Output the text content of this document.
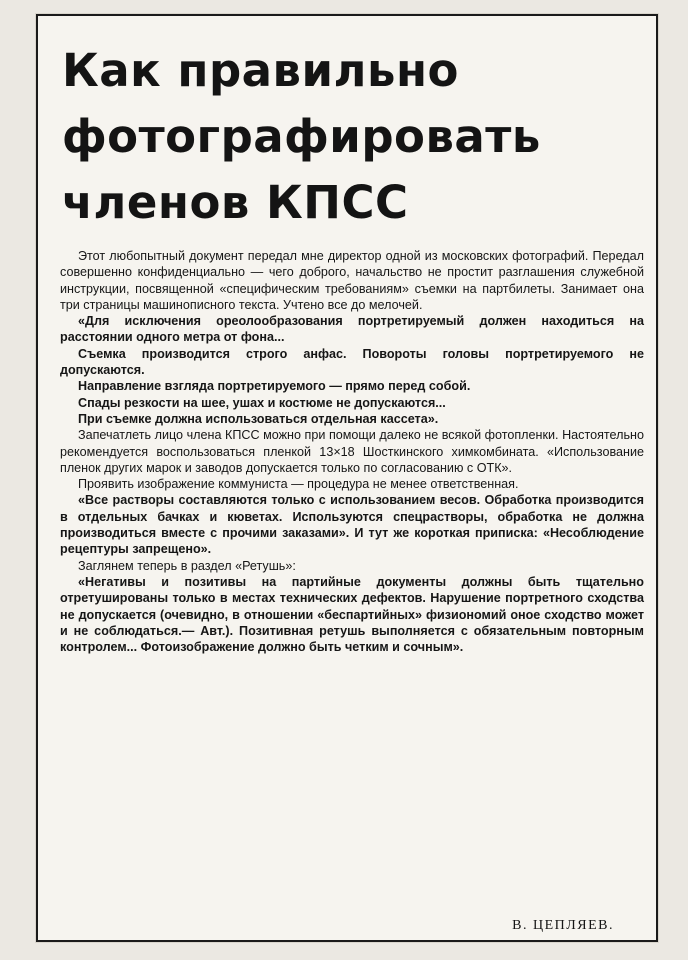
Как правильно
фотографировать
членов КПСС

Этот любопытный документ передал мне директор одной из московских фотографий. Передал совершенно конфиденциально — чего доброго, начальство не простит разглашения служебной инструкции, посвященной «специфическим требованиям» съемки на партбилеты. Занимает она три страницы машинописного текста. Учтено все до мелочей.

«Для исключения ореолообразования портретируемый должен находиться на расстоянии одного метра от фона...

Съемка производится строго анфас. Повороты головы портретируемого не допускаются.

Направление взгляда портретируемого — прямо перед собой.

Спады резкости на шее, ушах и костюме не допускаются...

При съемке должна использоваться отдельная кассета».

Запечатлеть лицо члена КПСС можно при помощи далеко не всякой фотопленки. Настоятельно рекомендуется воспользоваться пленкой 13×18 Шосткинского химкомбината. «Использование пленок других марок и заводов допускается только по согласованию с ОТК».

Проявить изображение коммуниста — процедура не менее ответственная.

«Все растворы составляются только с использованием весов. Обработка производится в отдельных бачках и кюветах. Используются спецрастворы, обработка не должна производиться вместе с прочими заказами». И тут же короткая приписка: «Несоблюдение рецептуры запрещено».

Заглянем теперь в раздел «Ретушь»:

«Негативы и позитивы на партийные документы должны быть тщательно отретушированы только в местах технических дефектов. Нарушение портретного сходства не допускается (очевидно, в отношении «беспартийных» физиономий оное сходство может и не соблюдаться.— Авт.). Позитивная ретушь выполняется с обязательным повторным контролем... Фотоизображение должно быть четким и сочным».

В. ЦЕПЛЯЕВ.
